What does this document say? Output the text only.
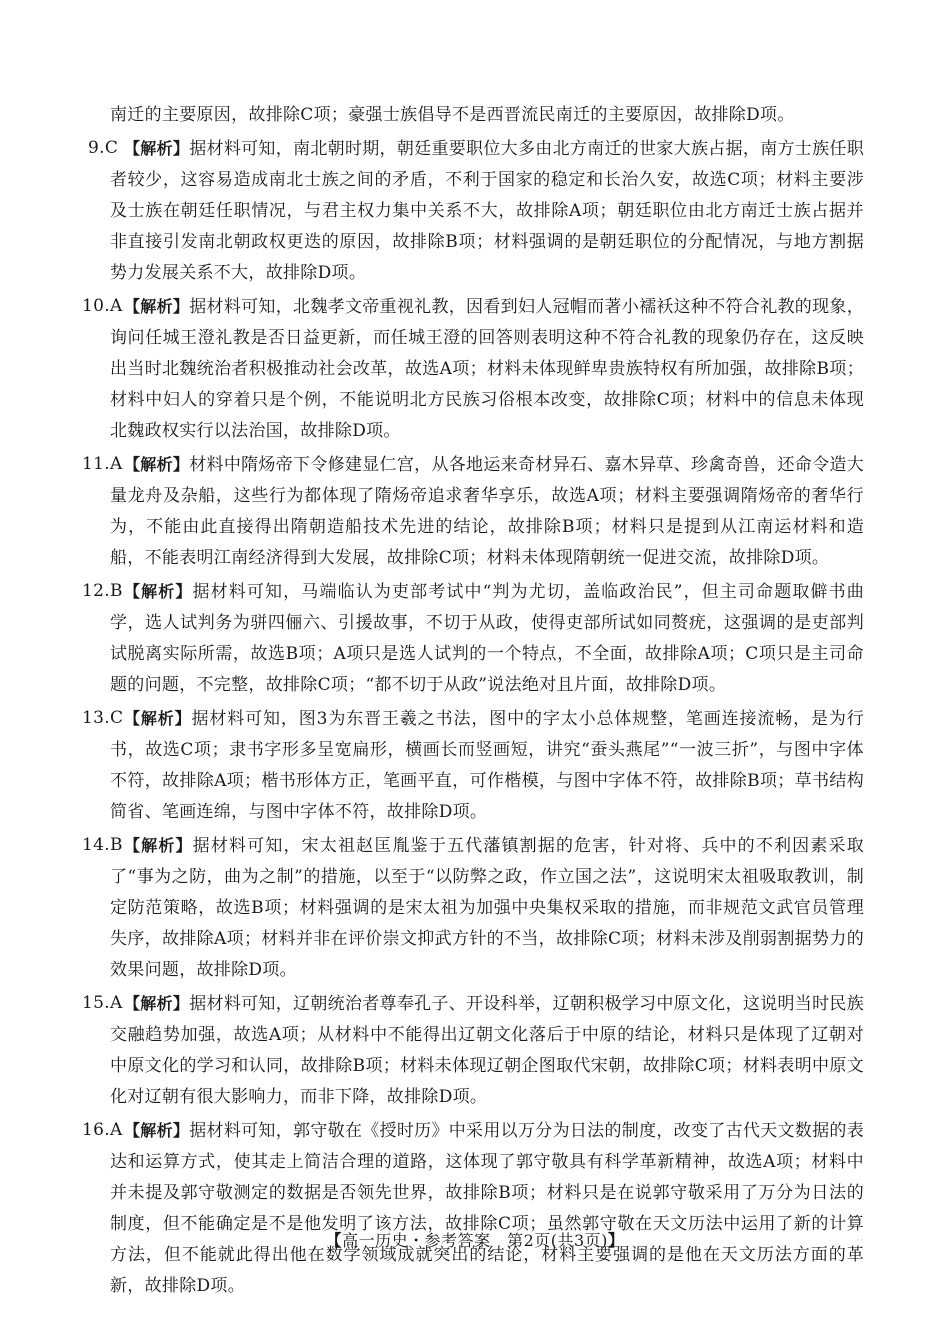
南迁的主要原因，故排除C项；豪强士族倡导不是西晋流民南迁的主要原因，故排除D项。

9.C 【解析】据材料可知，南北朝时期，朝廷重要职位大多由北方南迁的世家大族占据，南方士族任职者较少，这容易造成南北士族之间的矛盾，不利于国家的稳定和长治久安，故选C项；材料主要涉及士族在朝廷任职情况，与君主权力集中关系不大，故排除A项；朝廷职位由北方南迁士族占据并非直接引发南北朝政权更迭的原因，故排除B项；材料强调的是朝廷职位的分配情况，与地方割据势力发展关系不大，故排除D项。

10.A 【解析】据材料可知，北魏孝文帝重视礼教，因看到妇人冠帽而著小襦袄这种不符合礼教的现象，询问任城王澄礼教是否日益更新，而任城王澄的回答则表明这种不符合礼教的现象仍存在，这反映出当时北魏统治者积极推动社会改革，故选A项；材料未体现鲜卑贵族特权有所加强，故排除B项；材料中妇人的穿着只是个例，不能说明北方民族习俗根本改变，故排除C项；材料中的信息未体现北魏政权实行以法治国，故排除D项。

11.A 【解析】材料中隋炀帝下令修建显仁宫，从各地运来奇材异石、嘉木异草、珍禽奇兽，还命令造大量龙舟及杂船，这些行为都体现了隋炀帝追求奢华享乐，故选A项；材料主要强调隋炀帝的奢华行为，不能由此直接得出隋朝造船技术先进的结论，故排除B项；材料只是提到从江南运材料和造船，不能表明江南经济得到大发展，故排除C项；材料未体现隋朝统一促进交流，故排除D项。

12.B 【解析】据材料可知，马端临认为吏部考试中“判为尤切，盖临政治民”，但主司命题取僻书曲学，选人试判务为骈四俪六、引援故事，不切于从政，使得吏部所试如同赘疣，这强调的是吏部判试脱离实际所需，故选B项；A项只是选人试判的一个特点，不全面，故排除A项；C项只是主司命题的问题，不完整，故排除C项；“都不切于从政”说法绝对且片面，故排除D项。

13.C 【解析】据材料可知，图3为东晋王羲之书法，图中的字太小总体规整，笔画连接流畅，是为行书，故选C项；隶书字形多呈宽扁形，横画长而竖画短，讲究“蚕头燕尾”“一波三折”，与图中字体不符，故排除A项；楷书形体方正，笔画平直，可作楷模，与图中字体不符，故排除B项；草书结构简省、笔画连绵，与图中字体不符，故排除D项。

14.B 【解析】据材料可知，宋太祖赵匡胤鉴于五代藩镇割据的危害，针对将、兵中的不利因素采取了“事为之防，曲为之制”的措施，以至于“以防弊之政，作立国之法”，这说明宋太祖吸取教训，制定防范策略，故选B项；材料强调的是宋太祖为加强中央集权采取的措施，而非规范文武官员管理失序，故排除A项；材料并非在评价崇文抑武方针的不当，故排除C项；材料未涉及削弱割据势力的效果问题，故排除D项。

15.A 【解析】据材料可知，辽朝统治者尊奉孔子、开设科举，辽朝积极学习中原文化，这说明当时民族交融趋势加强，故选A项；从材料中不能得出辽朝文化落后于中原的结论，材料只是体现了辽朝对中原文化的学习和认同，故排除B项；材料未体现辽朝企图取代宋朝，故排除C项；材料表明中原文化对辽朝有很大影响力，而非下降，故排除D项。

16.A 【解析】据材料可知，郭守敬在《授时历》中采用以万分为日法的制度，改变了古代天文数据的表达和运算方式，使其走上简洁合理的道路，这体现了郭守敬具有科学革新精神，故选A项；材料中并未提及郭守敬测定的数据是否领先世界，故排除B项；材料只是在说郭守敬采用了万分为日法的制度，但不能确定是不是他发明了该方法，故排除C项；虽然郭守敬在天文历法中运用了新的计算方法，但不能就此得出他在数学领域成就突出的结论，材料主要强调的是他在天文历法方面的革新，故排除D项。

【高一历史・参考答案　第2页(共3页)】	··
